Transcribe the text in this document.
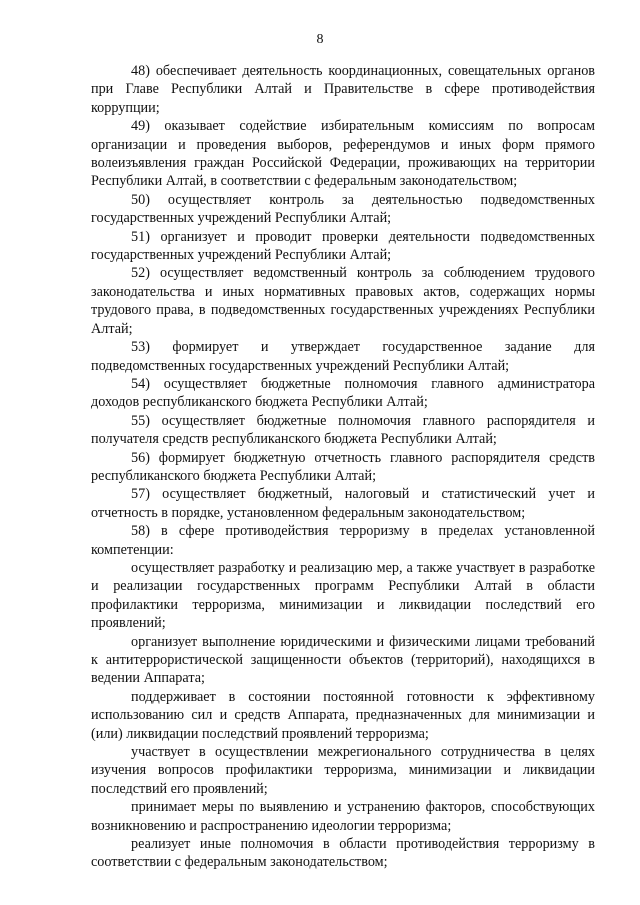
8

48) обеспечивает деятельность координационных, совещательных органов при Главе Республики Алтай и Правительстве в сфере противодействия коррупции;

49) оказывает содействие избирательным комиссиям по вопросам организации и проведения выборов, референдумов и иных форм прямого волеизъявления граждан Российской Федерации, проживающих на территории Республики Алтай, в соответствии с федеральным законодательством;

50) осуществляет контроль за деятельностью подведомственных государственных учреждений Республики Алтай;

51) организует и проводит проверки деятельности подведомственных государственных учреждений Республики Алтай;

52) осуществляет ведомственный контроль за соблюдением трудового законодательства и иных нормативных правовых актов, содержащих нормы трудового права, в подведомственных государственных учреждениях Республики Алтай;

53) формирует и утверждает государственное задание для подведомственных государственных учреждений Республики Алтай;

54) осуществляет бюджетные полномочия главного администратора доходов республиканского бюджета Республики Алтай;

55) осуществляет бюджетные полномочия главного распорядителя и получателя средств республиканского бюджета Республики Алтай;

56) формирует бюджетную отчетность главного распорядителя средств республиканского бюджета Республики Алтай;

57) осуществляет бюджетный, налоговый и статистический учет и отчетность в порядке, установленном федеральным законодательством;

58) в сфере противодействия терроризму в пределах установленной компетенции:

осуществляет разработку и реализацию мер, а также участвует в разработке и реализации государственных программ Республики Алтай в области профилактики терроризма, минимизации и ликвидации последствий его проявлений;

организует выполнение юридическими и физическими лицами требований к антитеррористической защищенности объектов (территорий), находящихся в ведении Аппарата;

поддерживает в состоянии постоянной готовности к эффективному использованию сил и средств Аппарата, предназначенных для минимизации и (или) ликвидации последствий проявлений терроризма;

участвует в осуществлении межрегионального сотрудничества в целях изучения вопросов профилактики терроризма, минимизации и ликвидации последствий его проявлений;

принимает меры по выявлению и устранению факторов, способствующих возникновению и распространению идеологии терроризма;

реализует иные полномочия в области противодействия терроризму в соответствии с федеральным законодательством;
